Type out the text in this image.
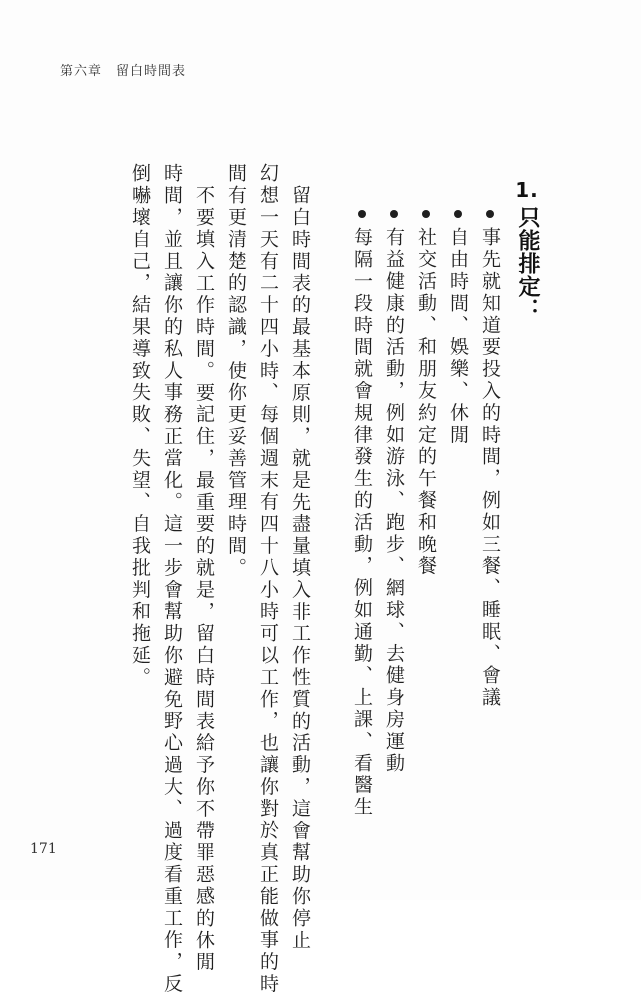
第六章　留白時間表
1.只能排定：
事先就知道要投入的時間，例如三餐、睡眠、會議
自由時間、娛樂、休閒
社交活動、和朋友約定的午餐和晚餐
有益健康的活動，例如游泳、跑步、網球、去健身房運動
每隔一段時間就會規律發生的活動，例如通勤、上課、看醫生
留白時間表的最基本原則，就是先盡量填入非工作性質的活動，這會幫助你停止
幻想一天有二十四小時、每個週末有四十八小時可以工作，也讓你對於真正能做事的時
間有更清楚的認識，使你更妥善管理時間。
不要填入工作時間。要記住，最重要的就是，留白時間表給予你不帶罪惡感的休閒
時間，並且讓你的私人事務正當化。這一步會幫助你避免野心過大、過度看重工作，反
倒嚇壞自己，結果導致失敗、失望、自我批判和拖延。
171
